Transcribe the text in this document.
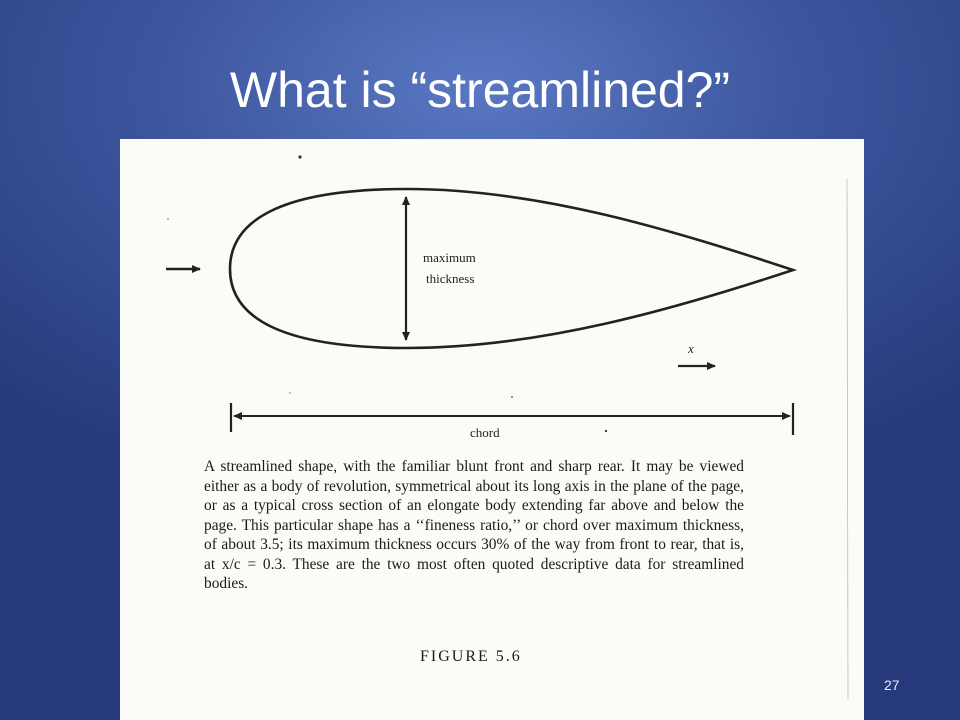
What is “streamlined?”
maximum
thickness
x
chord

A streamlined shape, with the familiar blunt front and sharp rear. It may be viewed either as a body of revolution, symmetrical about its long axis in the plane of the page, or as a typical cross section of an elongate body extending far above and below the page. This particular shape has a ‘‘fineness ratio,’’ or chord over maximum thickness, of about 3.5; its maximum thickness occurs 30% of the way from front to rear, that is, at x/c = 0.3. These are the two most often quoted descriptive data for streamlined bodies.

FIGURE 5.6
27
